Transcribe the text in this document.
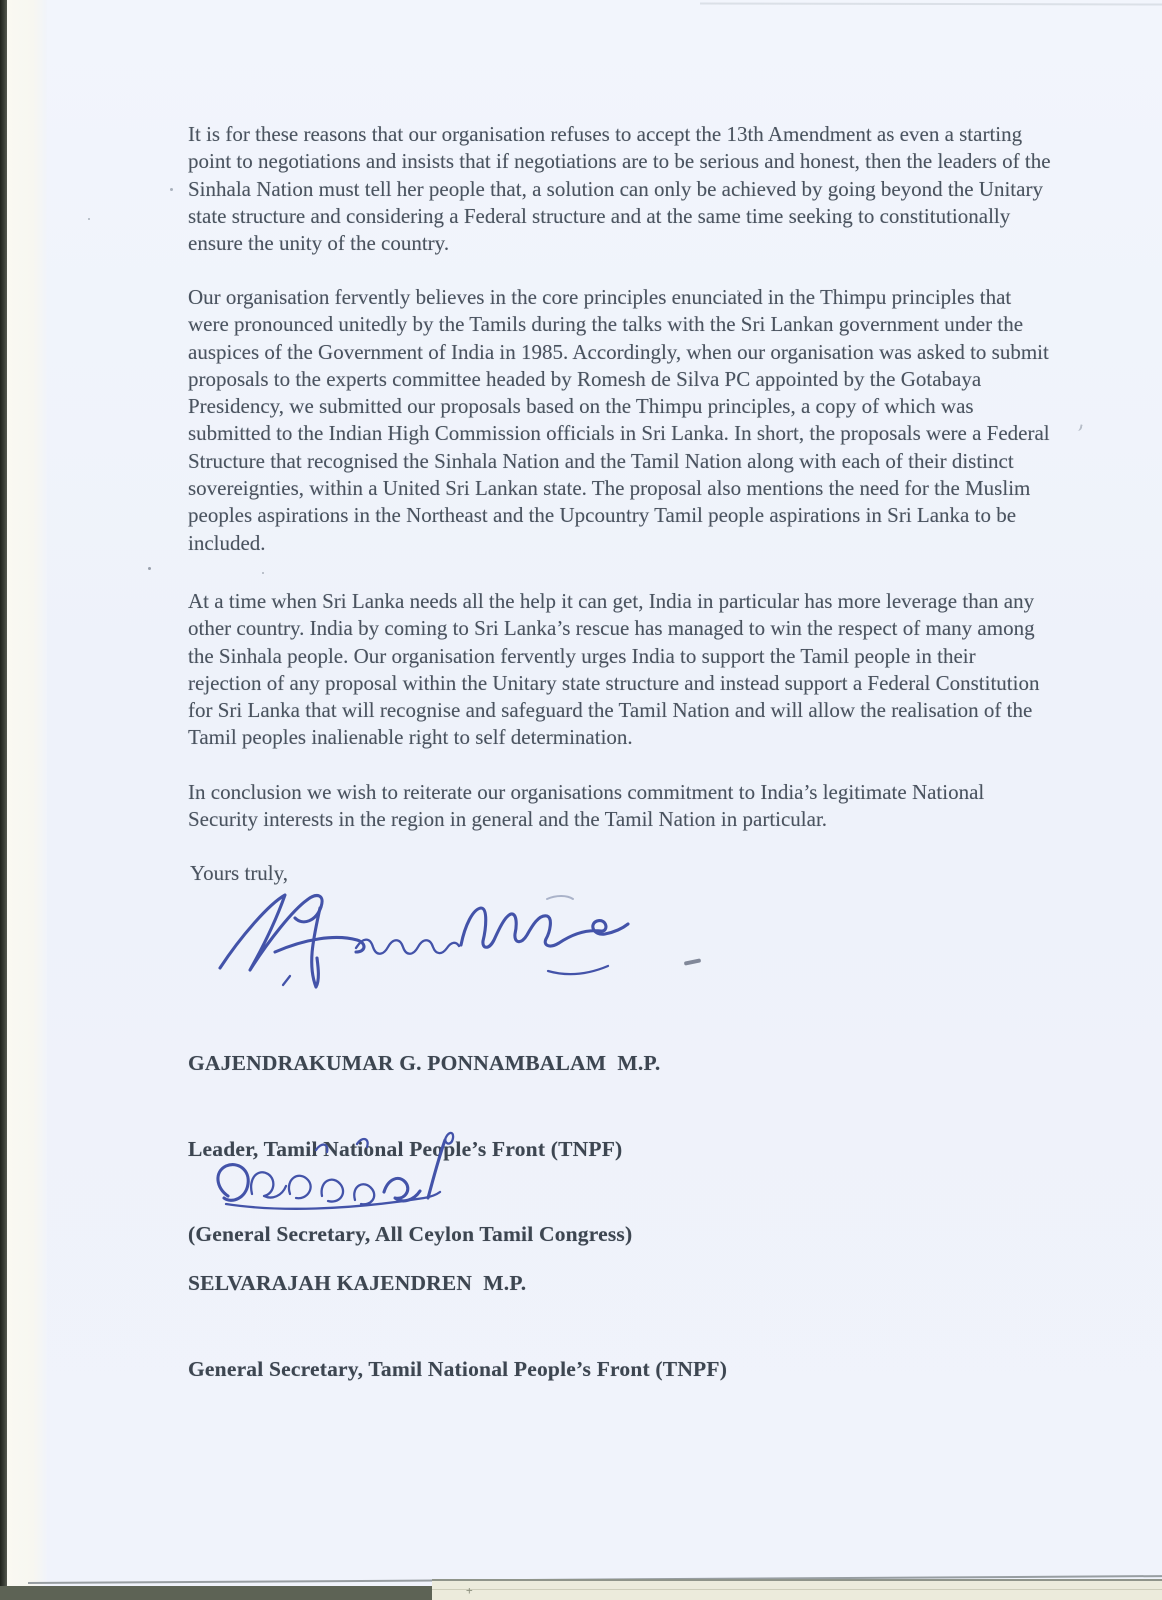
It is for these reasons that our organisation refuses to accept the 13th Amendment as even a starting
point to negotiations and insists that if negotiations are to be serious and honest, then the leaders of the
Sinhala Nation must tell her people that, a solution can only be achieved by going beyond the Unitary
state structure and considering a Federal structure and at the same time seeking to constitutionally
ensure the unity of the country.
Our organisation fervently believes in the core principles enunciated in the Thimpu principles that
were pronounced unitedly by the Tamils during the talks with the Sri Lankan government under the
auspices of the Government of India in 1985. Accordingly, when our organisation was asked to submit
proposals to the experts committee headed by Romesh de Silva PC appointed by the Gotabaya
Presidency, we submitted our proposals based on the Thimpu principles, a copy of which was
submitted to the Indian High Commission officials in Sri Lanka. In short, the proposals were a Federal
Structure that recognised the Sinhala Nation and the Tamil Nation along with each of their distinct
sovereignties, within a United Sri Lankan state. The proposal also mentions the need for the Muslim
peoples aspirations in the Northeast and the Upcountry Tamil people aspirations in Sri Lanka to be
included.
At a time when Sri Lanka needs all the help it can get, India in particular has more leverage than any
other country. India by coming to Sri Lanka’s rescue has managed to win the respect of many among
the Sinhala people. Our organisation fervently urges India to support the Tamil people in their
rejection of any proposal within the Unitary state structure and instead support a Federal Constitution
for Sri Lanka that will recognise and safeguard the Tamil Nation and will allow the realisation of the
Tamil peoples inalienable right to self determination.
In conclusion we wish to reiterate our organisations commitment to India’s legitimate National
Security interests in the region in general and the Tamil Nation in particular.
Yours truly,

GAJENDRAKUMAR G. PONNAMBALAM  M.P.

Leader, Tamil National People’s Front (TNPF)

(General Secretary, All Ceylon Tamil Congress)

SELVARAJAH KAJENDREN  M.P.

General Secretary, Tamil National People’s Front (TNPF)

+
